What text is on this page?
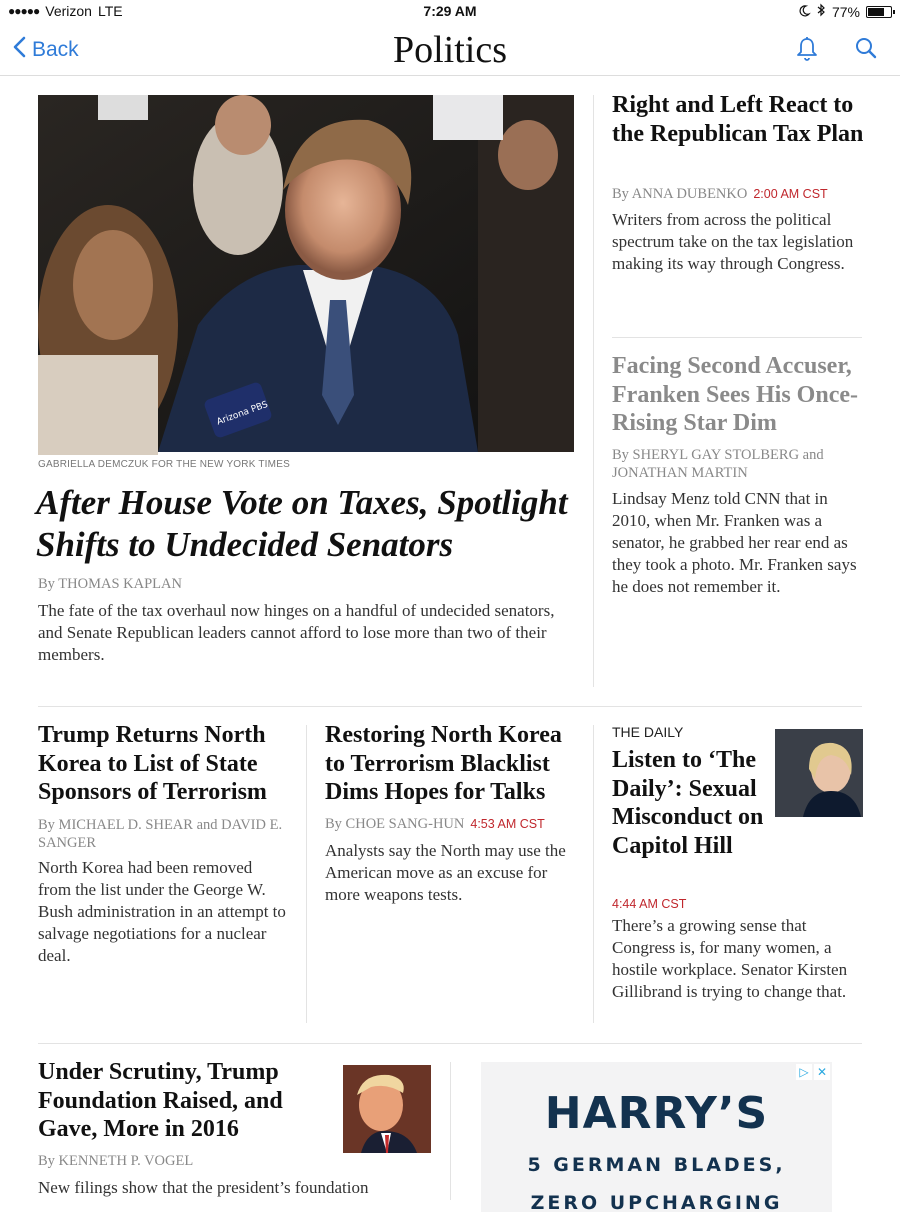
●●●●● Verizon LTE	7:29 AM	77%
Back	Politics
Arizona PBS
GABRIELLA DEMCZUK FOR THE NEW YORK TIMES
After House Vote on Taxes, Spotlight Shifts to Undecided Senators
By THOMAS KAPLAN
The fate of the tax overhaul now hinges on a handful of undecided senators, and Senate Republican leaders cannot afford to lose more than two of their members.
Right and Left React to the Republican Tax Plan
By ANNA DUBENKO 2:00 AM CST
Writers from across the political spectrum take on the tax legislation making its way through Congress.
Facing Second Accuser, Franken Sees His Once-Rising Star Dim
By SHERYL GAY STOLBERG and JONATHAN MARTIN
Lindsay Menz told CNN that in 2010, when Mr. Franken was a senator, he grabbed her rear end as they took a photo. Mr. Franken says he does not remember it.
Trump Returns North Korea to List of State Sponsors of Terrorism
By MICHAEL D. SHEAR and DAVID E. SANGER
North Korea had been removed from the list under the George W. Bush administration in an attempt to salvage negotiations for a nuclear deal.
Restoring North Korea to Terrorism Blacklist Dims Hopes for Talks
By CHOE SANG-HUN 4:53 AM CST
Analysts say the North may use the American move as an excuse for more weapons tests.
THE DAILY
Listen to ‘The Daily’: Sexual Misconduct on Capitol Hill
4:44 AM CST
There’s a growing sense that Congress is, for many women, a hostile workplace. Senator Kirsten Gillibrand is trying to change that.
Under Scrutiny, Trump Foundation Raised, and Gave, More in 2016
By KENNETH P. VOGEL
New filings show that the president’s foundation
▷ ✕
HARRY’S
5 GERMAN BLADES,
ZERO UPCHARGING
